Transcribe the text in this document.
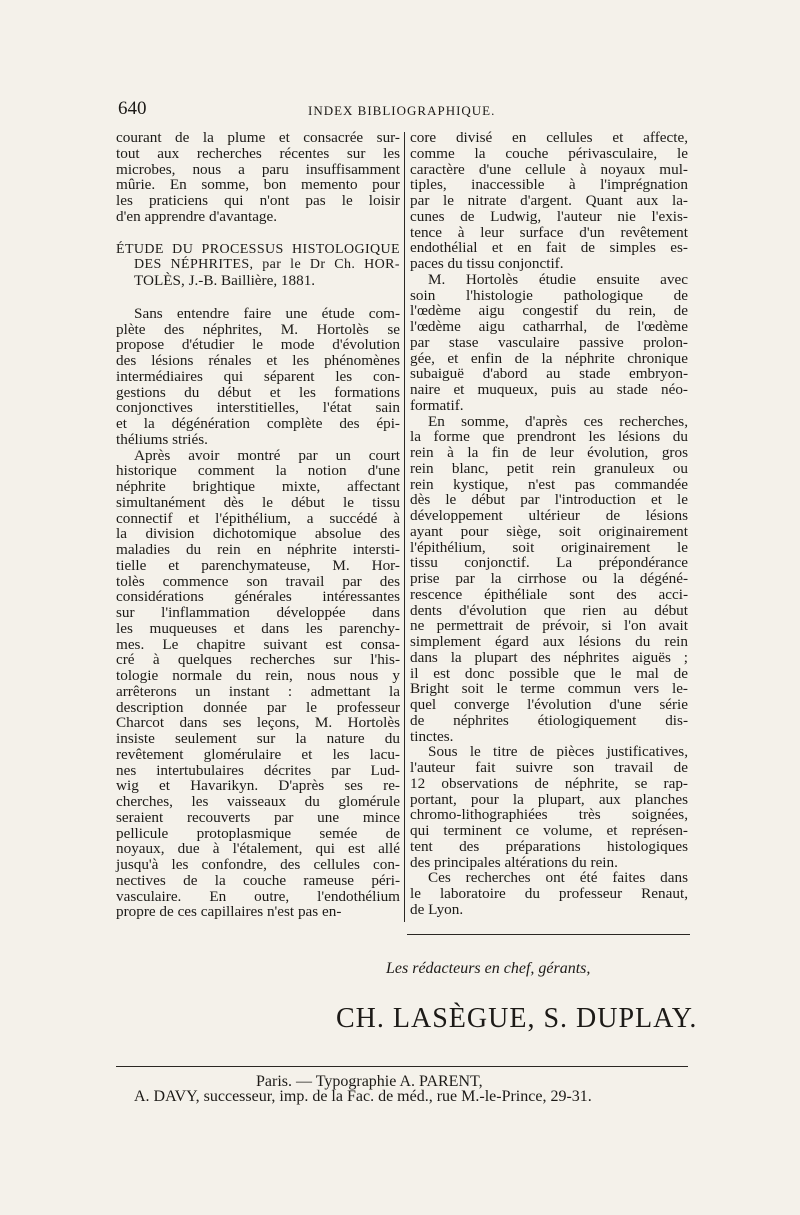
640	INDEX BIBLIOGRAPHIQUE.
courant de la plume et consacrée sur-
tout aux recherches récentes sur les
microbes, nous a paru insuffisamment
mûrie. En somme, bon memento pour
les praticiens qui n'ont pas le loisir
d'en apprendre d'avantage.
ÉTUDE DU PROCESSUS HISTOLOGIQUE
DES NÉPHRITES, par le Dr Ch. HOR-
TOLÈS, J.-B. Baillière, 1881.
Sans entendre faire une étude com-
plète des néphrites, M. Hortolès se
propose d'étudier le mode d'évolution
des lésions rénales et les phénomènes
intermédiaires qui séparent les con-
gestions du début et les formations
conjonctives interstitielles, l'état sain
et la dégénération complète des épi-
théliums striés.
Après avoir montré par un court
historique comment la notion d'une
néphrite brightique mixte, affectant
simultanément dès le début le tissu
connectif et l'épithélium, a succédé à
la division dichotomique absolue des
maladies du rein en néphrite intersti-
tielle et parenchymateuse, M. Hor-
tolès commence son travail par des
considérations générales intéressantes
sur l'inflammation développée dans
les muqueuses et dans les parenchy-
mes. Le chapitre suivant est consa-
cré à quelques recherches sur l'his-
tologie normale du rein, nous nous y
arrêterons un instant : admettant la
description donnée par le professeur
Charcot dans ses leçons, M. Hortolès
insiste seulement sur la nature du
revêtement glomérulaire et les lacu-
nes intertubulaires décrites par Lud-
wig et Havarikyn. D'après ses re-
cherches, les vaisseaux du glomérule
seraient recouverts par une mince
pellicule protoplasmique semée de
noyaux, due à l'étalement, qui est allé
jusqu'à les confondre, des cellules con-
nectives de la couche rameuse péri-
vasculaire. En outre, l'endothélium
propre de ces capillaires n'est pas en-
core divisé en cellules et affecte,
comme la couche périvasculaire, le
caractère d'une cellule à noyaux mul-
tiples, inaccessible à l'imprégnation
par le nitrate d'argent. Quant aux la-
cunes de Ludwig, l'auteur nie l'exis-
tence à leur surface d'un revêtement
endothélial et en fait de simples es-
paces du tissu conjonctif.
M. Hortolès étudie ensuite avec
soin l'histologie pathologique de
l'œdème aigu congestif du rein, de
l'œdème aigu catharrhal, de l'œdème
par stase vasculaire passive prolon-
gée, et enfin de la néphrite chronique
subaiguë d'abord au stade embryon-
naire et muqueux, puis au stade néo-
formatif.
En somme, d'après ces recherches,
la forme que prendront les lésions du
rein à la fin de leur évolution, gros
rein blanc, petit rein granuleux ou
rein kystique, n'est pas commandée
dès le début par l'introduction et le
développement ultérieur de lésions
ayant pour siège, soit originairement
l'épithélium, soit originairement le
tissu conjonctif. La prépondérance
prise par la cirrhose ou la dégéné-
rescence épithéliale sont des acci-
dents d'évolution que rien au début
ne permettrait de prévoir, si l'on avait
simplement égard aux lésions du rein
dans la plupart des néphrites aiguës ;
il est donc possible que le mal de
Bright soit le terme commun vers le-
quel converge l'évolution d'une série
de néphrites étiologiquement dis-
tinctes.
Sous le titre de pièces justificatives,
l'auteur fait suivre son travail de
12 observations de néphrite, se rap-
portant, pour la plupart, aux planches
chromo-lithographiées très soignées,
qui terminent ce volume, et représen-
tent des préparations histologiques
des principales altérations du rein.
Ces recherches ont été faites dans
le laboratoire du professeur Renaut,
de Lyon.
Les rédacteurs en chef, gérants,
CH. LASÈGUE, S. DUPLAY.
Paris. — Typographie A. PARENT,
A. DAVY, successeur, imp. de la Fac. de méd., rue M.-le-Prince, 29-31.
